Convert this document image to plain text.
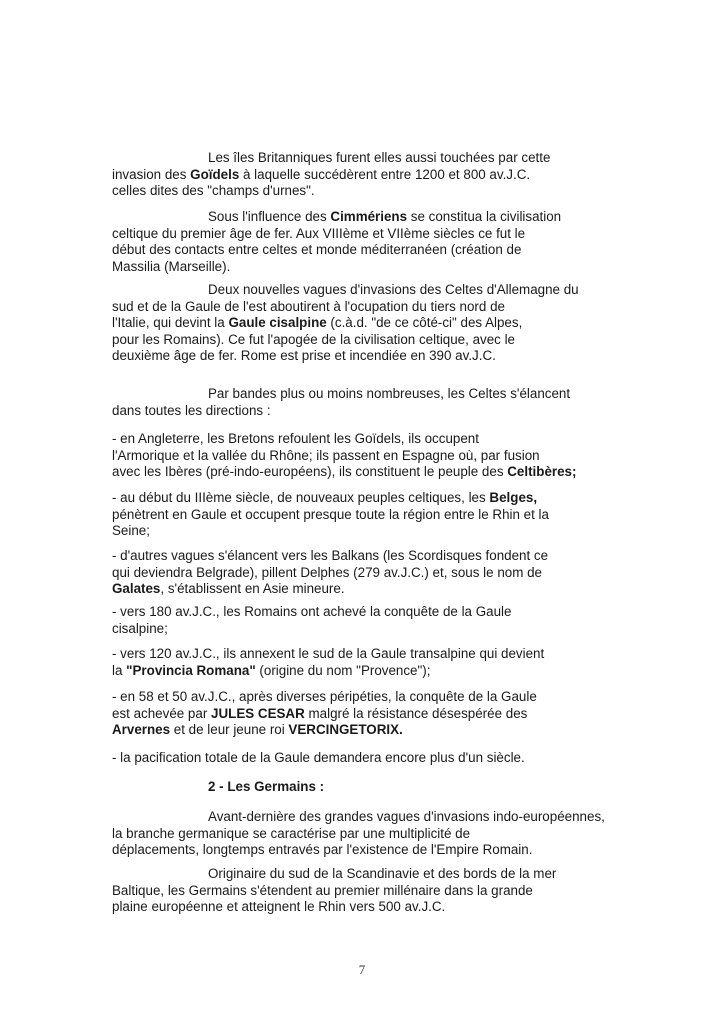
Les îles Britanniques furent elles aussi touchées par cette
invasion des Goïdels à laquelle succédèrent entre 1200 et 800 av.J.C.
celles dites des "champs d'urnes".

Sous l'influence des Cimmériens se constitua la civilisation
celtique du premier âge de fer. Aux VIIIème et VIIème siècles ce fut le
début des contacts entre celtes et monde méditerranéen (création de
Massilia (Marseille).

Deux nouvelles vagues d'invasions des Celtes d'Allemagne du
sud et de la Gaule de l'est aboutirent à l'ocupation du tiers nord de
l'Italie, qui devint la Gaule cisalpine (c.à.d. "de ce côté-ci" des Alpes,
pour les Romains). Ce fut l'apogée de la civilisation celtique, avec le
deuxième âge de fer. Rome est prise et incendiée en 390 av.J.C.

Par bandes plus ou moins nombreuses, les Celtes s'élancent
dans toutes les directions :

- en Angleterre, les Bretons refoulent les Goïdels, ils occupent
l'Armorique et la vallée du Rhône; ils passent en Espagne où, par fusion
avec les Ibères (pré-indo-européens), ils constituent le peuple des Celtibères;

- au début du IIIème siècle, de nouveaux peuples celtiques, les Belges,
pénètrent en Gaule et occupent presque toute la région entre le Rhin et la
Seine;

- d'autres vagues s'élancent vers les Balkans (les Scordisques fondent ce
qui deviendra Belgrade), pillent Delphes (279 av.J.C.) et, sous le nom de
Galates, s'établissent en Asie mineure.

- vers 180 av.J.C., les Romains ont achevé la conquête de la Gaule
cisalpine;

- vers 120 av.J.C., ils annexent le sud de la Gaule transalpine qui devient
la "Provincia Romana" (origine du nom "Provence");

- en 58 et 50 av.J.C., après diverses péripéties, la conquête de la Gaule
est achevée par JULES CESAR malgré la résistance désespérée des
Arvernes et de leur jeune roi VERCINGETORIX.

- la pacification totale de la Gaule demandera encore plus d'un siècle.

2 - Les Germains :

Avant-dernière des grandes vagues d'invasions indo-européennes,
la branche germanique se caractérise par une multiplicité de
déplacements, longtemps entravés par l'existence de l'Empire Romain.

Originaire du sud de la Scandinavie et des bords de la mer
Baltique, les Germains s'étendent au premier millénaire dans la grande
plaine européenne et atteignent le Rhin vers 500 av.J.C.

7
